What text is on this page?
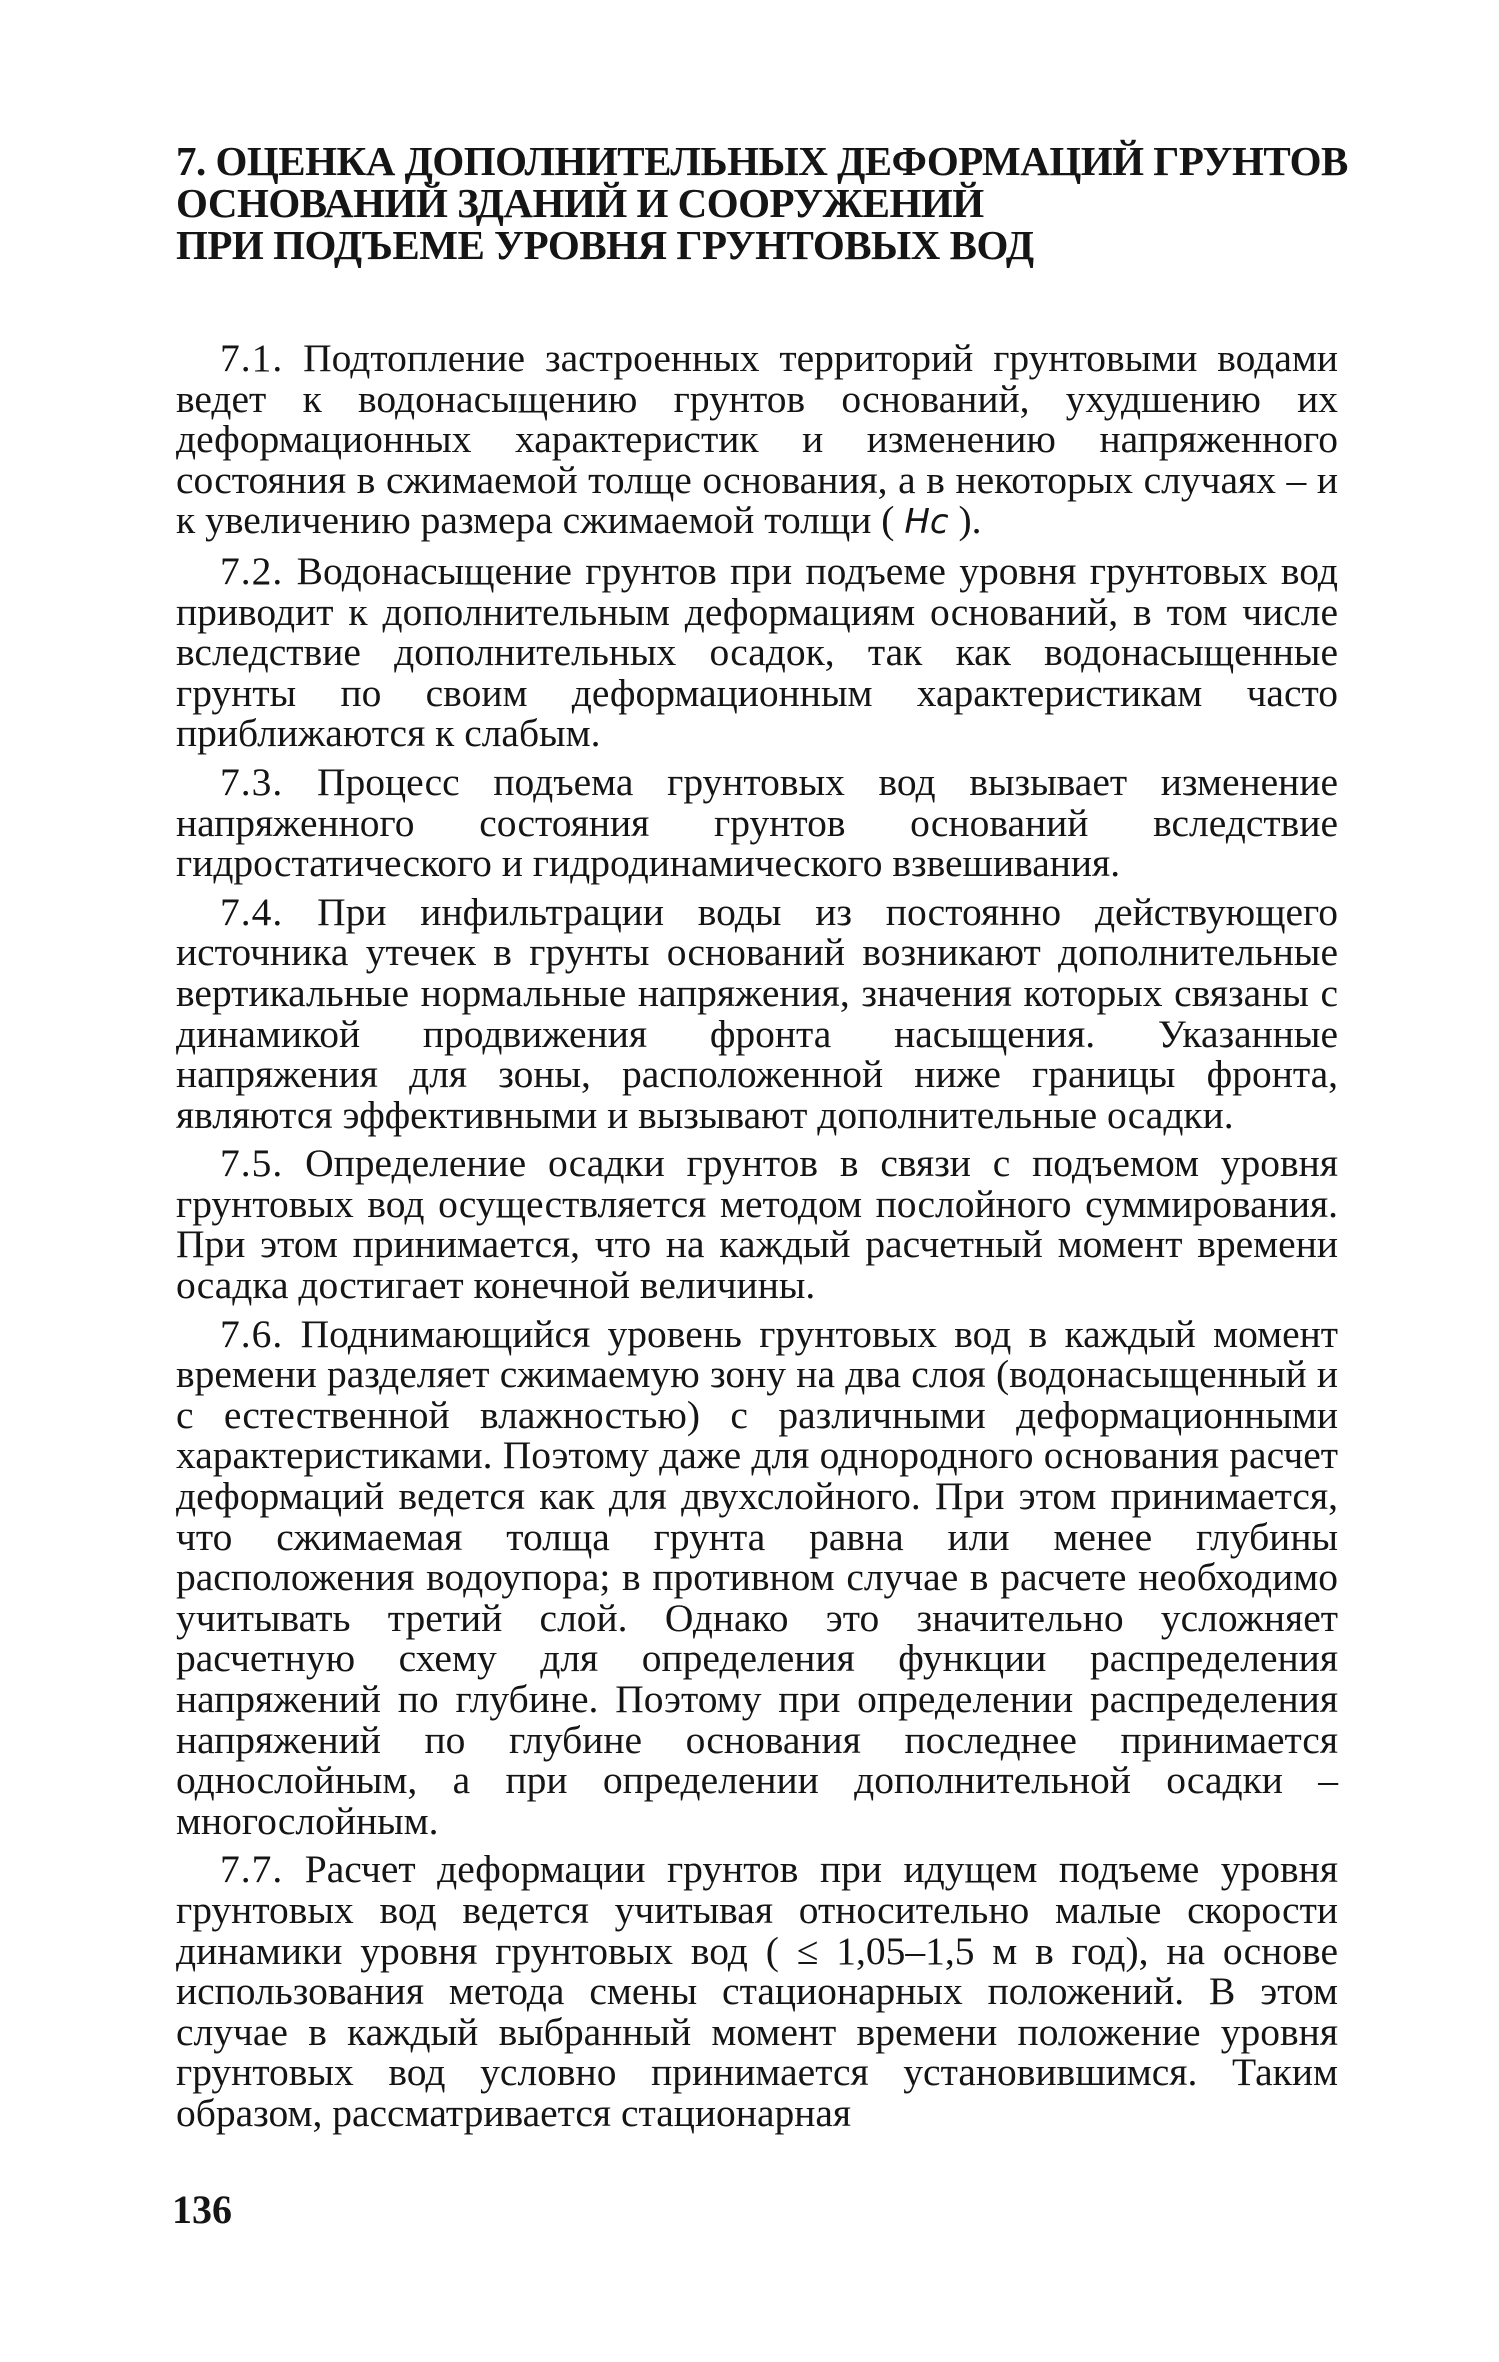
7. ОЦЕНКА ДОПОЛНИТЕЛЬНЫХ ДЕФОРМАЦИЙ ГРУНТОВ
ОСНОВАНИЙ ЗДАНИЙ И СООРУЖЕНИЙ
ПРИ ПОДЪЕМЕ УРОВНЯ ГРУНТОВЫХ ВОД

7.1. Подтопление застроенных территорий грунтовыми водами ведет к водонасыщению грунтов оснований, ухудшению их деформационных характеристик и изменению напряженного состояния в сжимаемой толще основания, а в некоторых случаях – и к увеличению размера сжимаемой толщи ( Hc ).

7.2. Водонасыщение грунтов при подъеме уровня грунтовых вод приводит к дополнительным деформациям оснований, в том числе вследствие дополнительных осадок, так как водонасыщенные грунты по своим деформационным характеристикам часто приближаются к слабым.

7.3. Процесс подъема грунтовых вод вызывает изменение напряженного состояния грунтов оснований вследствие гидростатического и гидродинамического взвешивания.

7.4. При инфильтрации воды из постоянно действующего источника утечек в грунты оснований возникают дополнительные вертикальные нормальные напряжения, значения которых связаны с динамикой продвижения фронта насыщения. Указанные напряжения для зоны, расположенной ниже границы фронта, являются эффективными и вызывают дополнительные осадки.

7.5. Определение осадки грунтов в связи с подъемом уровня грунтовых вод осуществляется методом послойного суммирования. При этом принимается, что на каждый расчетный момент времени осадка достигает конечной величины.

7.6. Поднимающийся уровень грунтовых вод в каждый момент времени разделяет сжимаемую зону на два слоя (водонасыщенный и с естественной влажностью) с различными деформационными характеристиками. Поэтому даже для однородного основания расчет деформаций ведется как для двухслойного. При этом принимается, что сжимаемая толща грунта равна или менее глубины расположения водоупора; в противном случае в расчете необходимо учитывать третий слой. Однако это значительно усложняет расчетную схему для определения функции распределения напряжений по глубине. Поэтому при определении распределения напряжений по глубине основания последнее принимается однослойным, а при определении дополнительной осадки – многослойным.

7.7. Расчет деформации грунтов при идущем подъеме уровня грунтовых вод ведется учитывая относительно малые скорости динамики уровня грунтовых вод ( ≤ 1,05–1,5 м в год), на основе использования метода смены стационарных положений. В этом случае в каждый выбранный момент времени положение уровня грунтовых вод условно принимается установившимся. Таким образом, рассматривается стационарная

136
